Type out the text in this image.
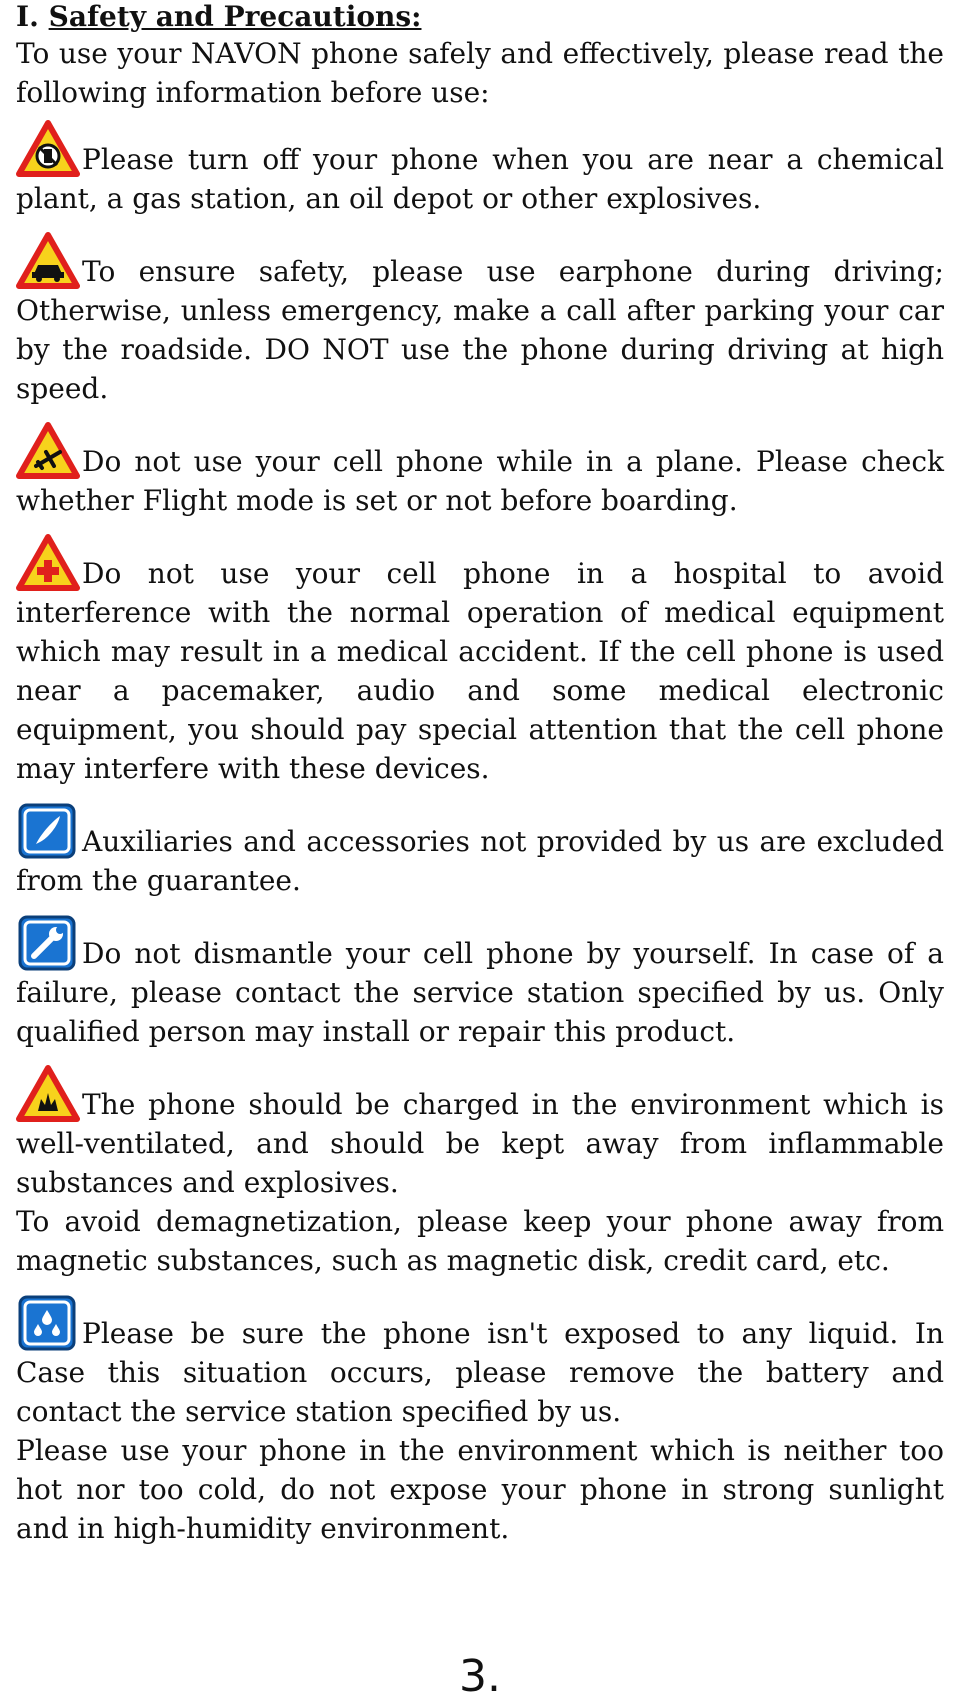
I. Safety and Precautions:

To use your NAVON phone safely and effectively, please read the following information before use:

Please turn off your phone when you are near a chemical plant, a gas station, an oil depot or other explosives.

To ensure safety, please use earphone during driving; Otherwise, unless emergency, make a call after parking your car by the roadside. DO NOT use the phone during driving at high speed.

Do not use your cell phone while in a plane. Please check whether Flight mode is set or not before boarding.

Do not use your cell phone in a hospital to avoid interference with the normal operation of medical equipment which may result in a medical accident. If the cell phone is used near a pacemaker, audio and some medical electronic equipment, you should pay special attention that the cell phone may interfere with these devices.

Auxiliaries and accessories not provided by us are excluded from the guarantee.

Do not dismantle your cell phone by yourself. In case of a failure, please contact the service station specified by us. Only qualified person may install or repair this product.

The phone should be charged in the environment which is well-ventilated, and should be kept away from inflammable substances and explosives.

To avoid demagnetization, please keep your phone away from magnetic substances, such as magnetic disk, credit card, etc.

Please be sure the phone isn't exposed to any liquid. In Case this situation occurs, please remove the battery and contact the service station specified by us.

Please use your phone in the environment which is neither too hot nor too cold, do not expose your phone in strong sunlight and in high-humidity environment.

3.
